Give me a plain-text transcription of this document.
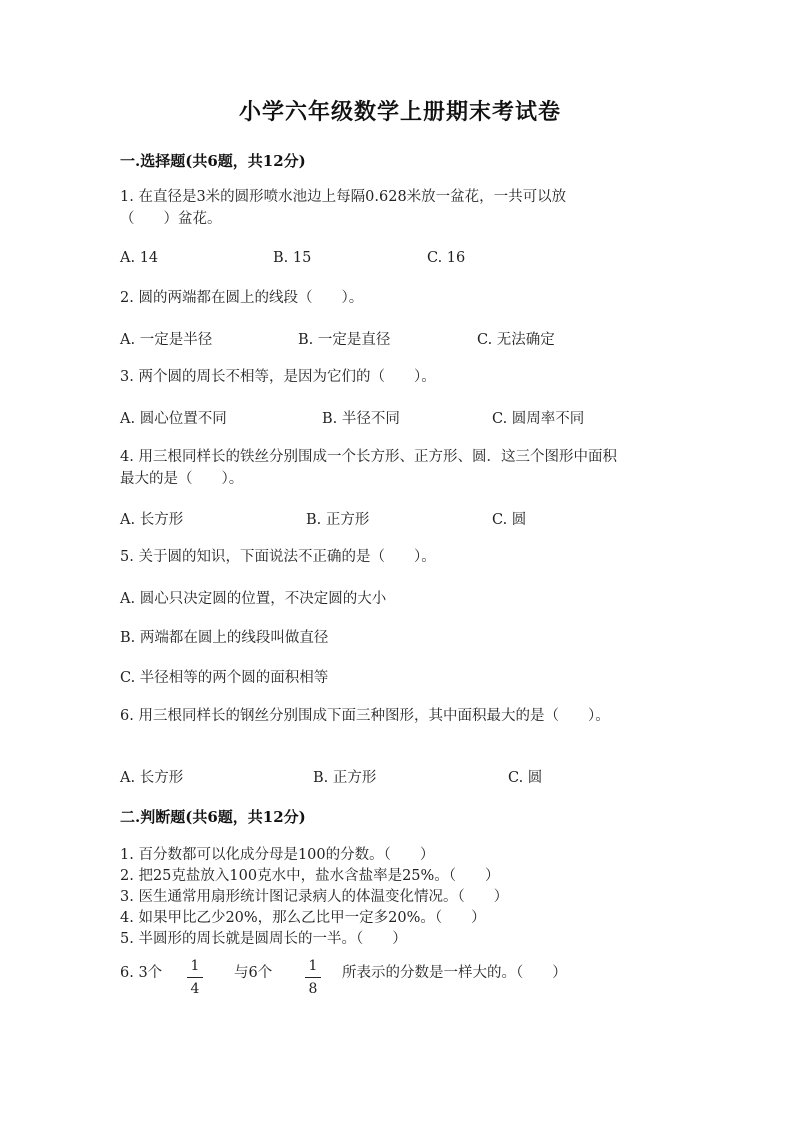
小学六年级数学上册期末考试卷
一.选择题(共6题，共12分)
1. 在直径是3米的圆形喷水池边上每隔0.628米放一盆花，一共可以放
（　　）盆花。
A. 14	B. 15	C. 16
2. 圆的两端都在圆上的线段（　　）。
A. 一定是半径	B. 一定是直径	C. 无法确定
3. 两个圆的周长不相等，是因为它们的（　　）。
A. 圆心位置不同	B. 半径不同	C. 圆周率不同
4. 用三根同样长的铁丝分别围成一个长方形、正方形、圆．这三个图形中面积
最大的是（　　）。
A. 长方形	B. 正方形	C. 圆
5. 关于圆的知识，下面说法不正确的是（　　）。
A. 圆心只决定圆的位置，不决定圆的大小
B. 两端都在圆上的线段叫做直径
C. 半径相等的两个圆的面积相等
6. 用三根同样长的钢丝分别围成下面三种图形，其中面积最大的是（　　）。
A. 长方形	B. 正方形	C. 圆
二.判断题(共6题，共12分)
1. 百分数都可以化成分母是100的分数。（　　）
2. 把25克盐放入100克水中，盐水含盐率是25%。（　　）
3. 医生通常用扇形统计图记录病人的体温变化情况。（　　）
4. 如果甲比乙少20%，那么乙比甲一定多20%。（　　）
5. 半圆形的周长就是圆周长的一半。（　　）
6. 3个 1
4
与6个	1
8
所表示的分数是一样大的。（　　）
